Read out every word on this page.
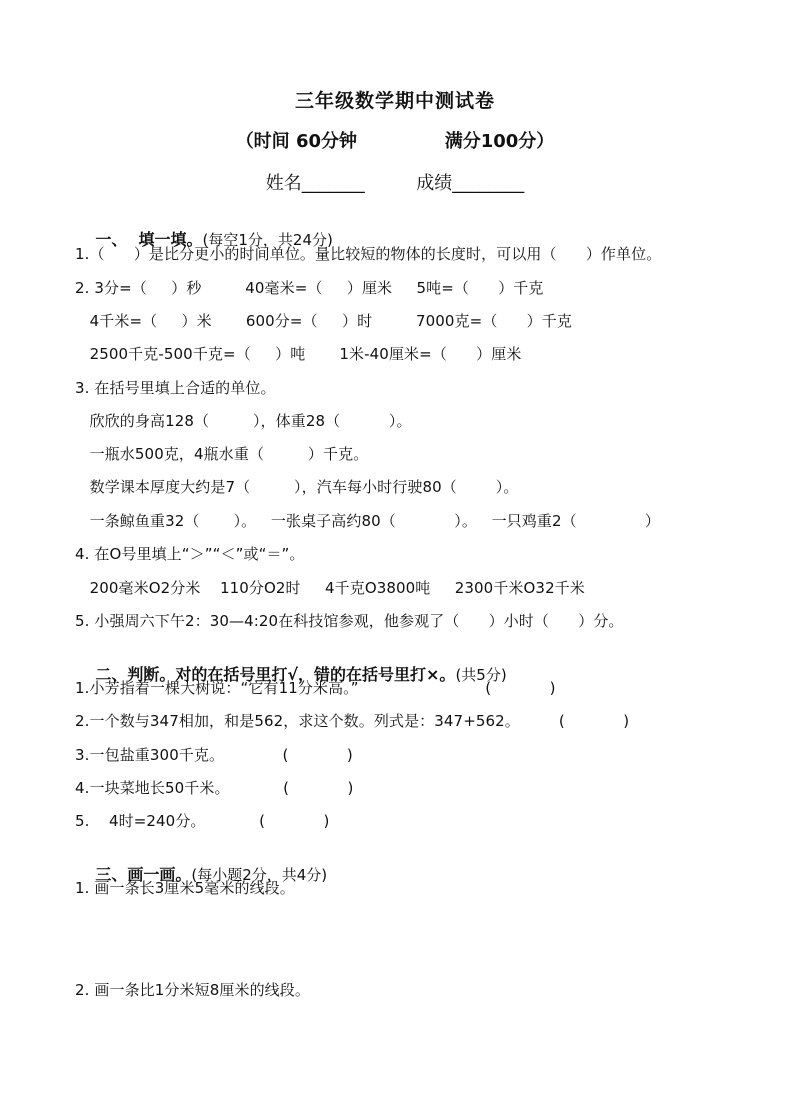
三年级数学期中测试卷
（时间 60分钟              满分100分）
姓名_______         成绩________

一、  填一填。(每空1分，共24分)

1.（      ）是比分更小的时间单位。量比较短的物体的长度时，可以用（      ）作单位。
2. 3分=（     ）秒         40毫米=（     ）厘米     5吨=（      ）千克
4千米=（     ）米       600分=（     ）时         7000克=（      ）千克
2500千克-500千克=（     ）吨       1米-40厘米=（      ）厘米
3. 在括号里填上合适的单位。
欣欣的身高128（         ），体重28（          ）。
一瓶水500克，4瓶水重（         ）千克。
数学课本厚度大约是7（         ），汽车每小时行驶80（        ）。
一条鲸鱼重32（       ）。   一张桌子高约80（            ）。   一只鸡重2（              ）
4. 在O号里填上“＞”“＜”或“＝”。
200毫米O2分米    110分O2时     4千克O3800吨     2300千米O32千米
5. 小强周六下午2：30—4:20在科技馆参观，他参观了（      ）小时（      ）分。

二、判断。对的在括号里打√，错的在括号里打×。(共5分)

1.小芳指着一棵大树说：“它有11分米高。”                          (            )
2.一个数与347相加，和是562，求这个数。列式是：347+562。        (            )
3.一包盐重300千克。            (            )
4.一块菜地长50千米。           (            )
5.    4时=240分。           (            )

三、画一画。(每小题2分，共4分)

1. 画一条长3厘米5毫米的线段。
2. 画一条比1分米短8厘米的线段。
